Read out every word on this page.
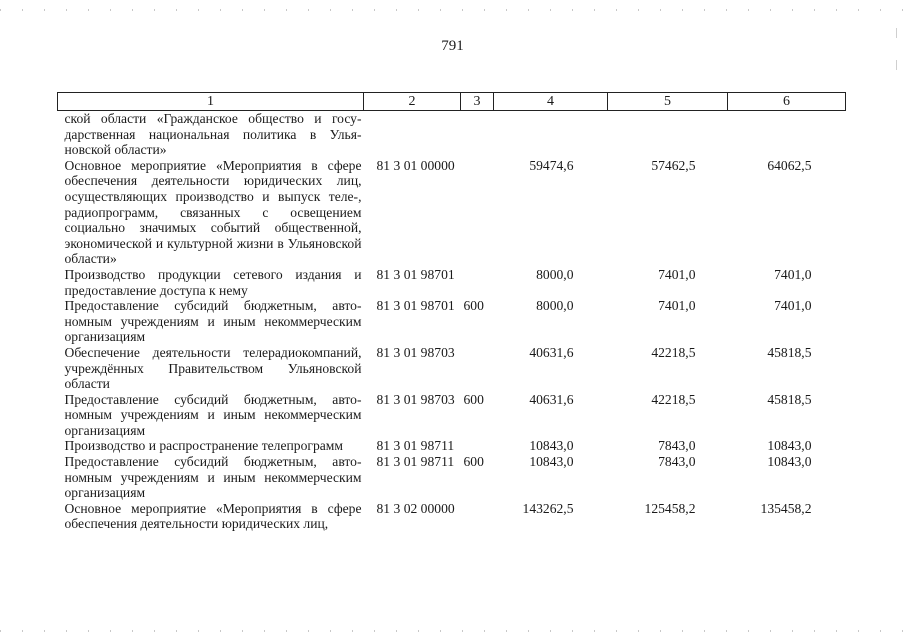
791
1	2	3	4	5	6
ской области «Гражданское общество и государственная национальная политика в Ульяновской области»					
Основное мероприятие «Мероприятия в сфере обеспечения деятельности юридических лиц, осуществляющих производство и выпуск теле-, радиопрограмм, связанных с освещением социально значимых событий общественной, экономической и культурной жизни в Ульяновской области»	81 3 01 00000		59474,6	57462,5	64062,5
Производство продукции сетевого издания и предоставление доступа к нему	81 3 01 98701		8000,0	7401,0	7401,0
Предоставление субсидий бюджетным, автономным учреждениям и иным некоммерческим организациям	81 3 01 98701	600	8000,0	7401,0	7401,0
Обеспечение деятельности телерадиокомпаний, учреждённых Правительством Ульяновской области	81 3 01 98703		40631,6	42218,5	45818,5
Предоставление субсидий бюджетным, автономным учреждениям и иным некоммерческим организациям	81 3 01 98703	600	40631,6	42218,5	45818,5
Производство и распространение телепрограмм	81 3 01 98711		10843,0	7843,0	10843,0
Предоставление субсидий бюджетным, автономным учреждениям и иным некоммерческим организациям	81 3 01 98711	600	10843,0	7843,0	10843,0
Основное мероприятие «Мероприятия в сфере обеспечения деятельности юридических лиц,	81 3 02 00000		143262,5	125458,2	135458,2
